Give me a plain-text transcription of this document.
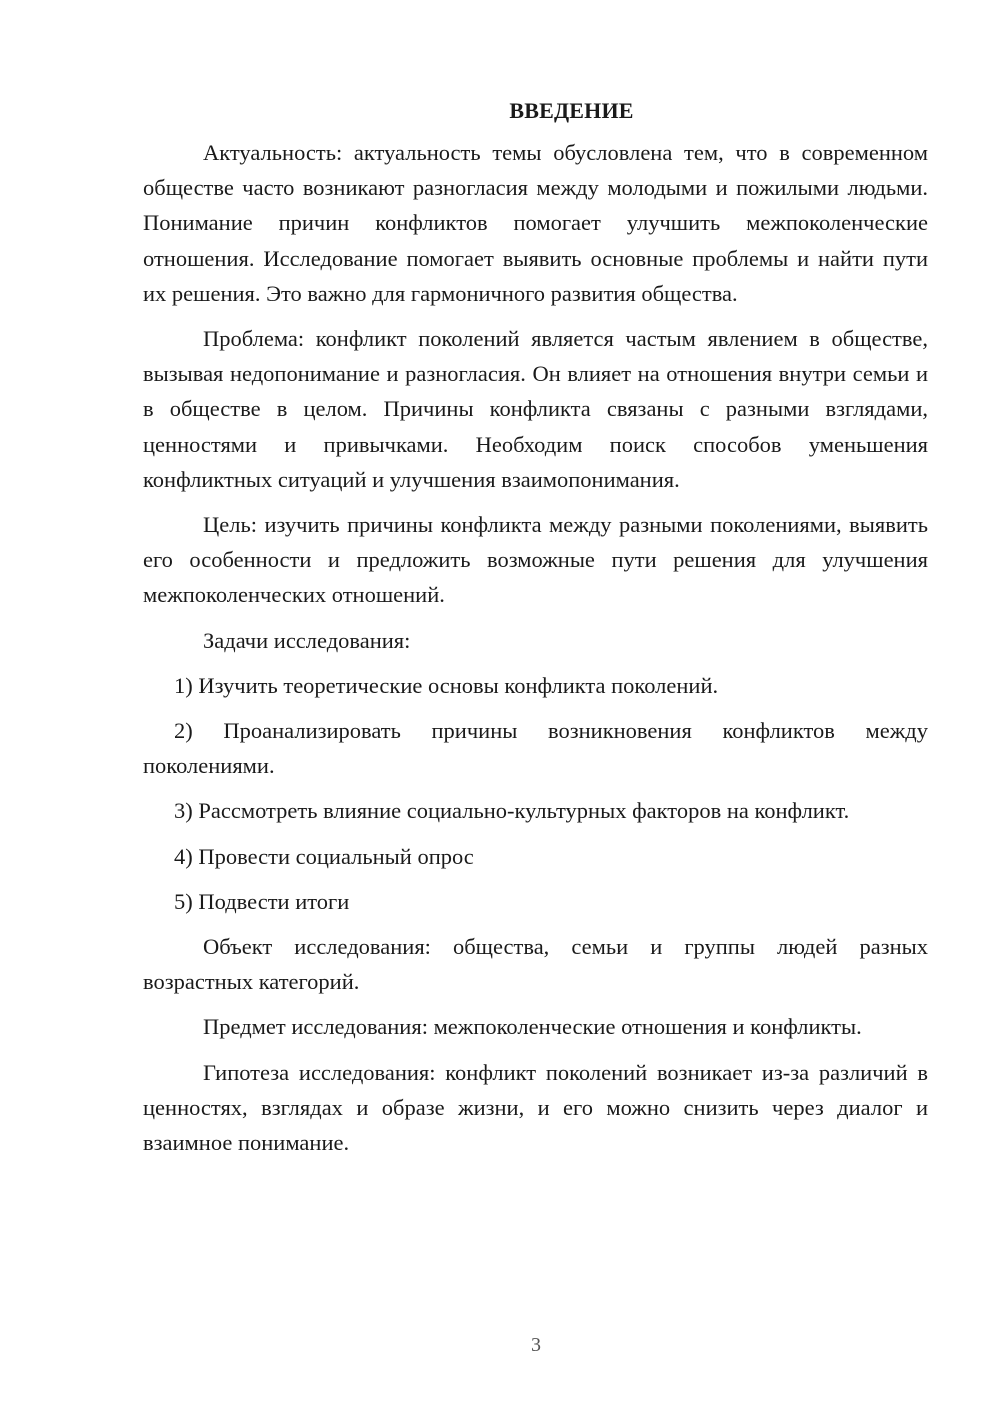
ВВЕДЕНИЕ

Актуальность: актуальность темы обусловлена тем, что в современном обществе часто возникают разногласия между молодыми и пожилыми людьми. Понимание причин конфликтов помогает улучшить межпоколенческие отношения. Исследование помогает выявить основные проблемы и найти пути их решения. Это важно для гармоничного развития общества.

Проблема: конфликт поколений является частым явлением в обществе, вызывая недопонимание и разногласия. Он влияет на отношения внутри семьи и в обществе в целом. Причины конфликта связаны с разными взглядами, ценностями и привычками. Необходим поиск способов уменьшения конфликтных ситуаций и улучшения взаимопонимания.

Цель: изучить причины конфликта между разными поколениями, выявить его особенности и предложить возможные пути решения для улучшения межпоколенческих отношений.

Задачи исследования:

1) Изучить теоретические основы конфликта поколений.

2) Проанализировать причины возникновения конфликтов между поколениями.

3) Рассмотреть влияние социально-культурных факторов на конфликт.

4) Провести социальный опрос

5) Подвести итоги

Объект исследования: общества, семьи и группы людей разных возрастных категорий.

Предмет исследования: межпоколенческие отношения и конфликты.

Гипотеза исследования: конфликт поколений возникает из-за различий в ценностях, взглядах и образе жизни, и его можно снизить через диалог и взаимное понимание.

3
